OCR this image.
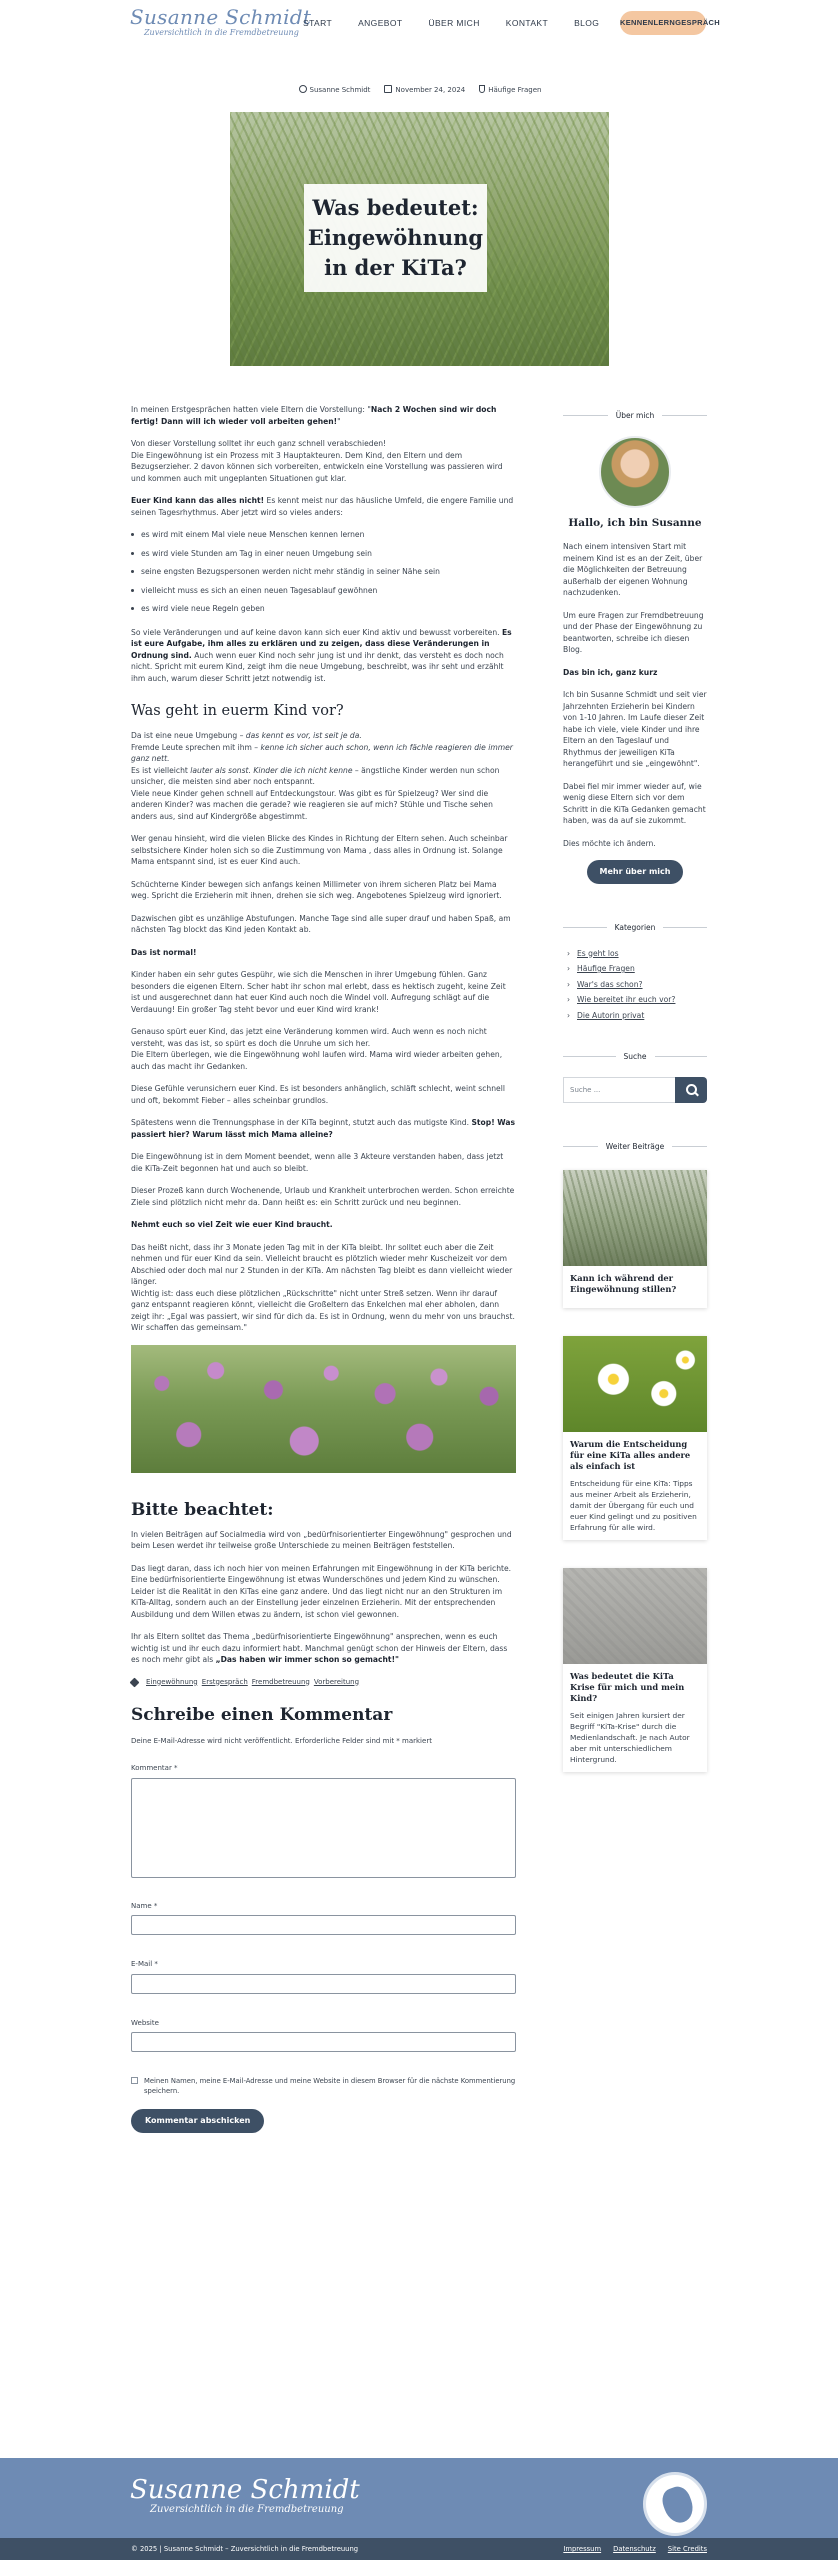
Susanne Schmidt
Zuversichtlich in die Fremdbetreuung
START	ANGEBOT	ÜBER MICH	KONTAKT	BLOG	KENNENLERNGESPRÄCH
Susanne Schmidt	November 24, 2024	Häufige Fragen
Was bedeutet: Eingewöhnung in der KiTa?

In meinen Erstgesprächen hatten viele Eltern die Vorstellung: "Nach 2 Wochen sind wir doch fertig! Dann will ich wieder voll arbeiten gehen!"

Von dieser Vorstellung solltet ihr euch ganz schnell verabschieden!
Die Eingewöhnung ist ein Prozess mit 3 Hauptakteuren. Dem Kind, den Eltern und dem Bezugserzieher. 2 davon können sich vorbereiten, entwickeln eine Vorstellung was passieren wird und kommen auch mit ungeplanten Situationen gut klar.

Euer Kind kann das alles nicht! Es kennt meist nur das häusliche Umfeld, die engere Familie und seinen Tagesrhythmus. Aber jetzt wird so vieles anders:

es wird mit einem Mal viele neue Menschen kennen lernen
es wird viele Stunden am Tag in einer neuen Umgebung sein
seine engsten Bezugspersonen werden nicht mehr ständig in seiner Nähe sein
vielleicht muss es sich an einen neuen Tagesablauf gewöhnen
es wird viele neue Regeln geben

So viele Veränderungen und auf keine davon kann sich euer Kind aktiv und bewusst vorbereiten. Es ist eure Aufgabe, ihm alles zu erklären und zu zeigen, dass diese Veränderungen in Ordnung sind. Auch wenn euer Kind noch sehr jung ist und ihr denkt, das versteht es doch noch nicht. Spricht mit eurem Kind, zeigt ihm die neue Umgebung, beschreibt, was ihr seht und erzählt ihm auch, warum dieser Schritt jetzt notwendig ist.

Was geht in euerm Kind vor?

Da ist eine neue Umgebung – das kennt es vor, ist seit je da.
Fremde Leute sprechen mit ihm – kenne ich sicher auch schon, wenn ich fächle reagieren die immer ganz nett.
Es ist vielleicht lauter als sonst. Kinder die ich nicht kenne – ängstliche Kinder werden nun schon unsicher, die meisten sind aber noch entspannt.
Viele neue Kinder gehen schnell auf Entdeckungstour. Was gibt es für Spielzeug? Wer sind die anderen Kinder? was machen die gerade? wie reagieren sie auf mich? Stühle und Tische sehen anders aus, sind auf Kindergröße abgestimmt.

Wer genau hinsieht, wird die vielen Blicke des Kindes in Richtung der Eltern sehen. Auch scheinbar selbstsichere Kinder holen sich so die Zustimmung von Mama , dass alles in Ordnung ist. Solange Mama entspannt sind, ist es euer Kind auch.

Schüchterne Kinder bewegen sich anfangs keinen Millimeter von ihrem sicheren Platz bei Mama weg. Spricht die Erzieherin mit ihnen, drehen sie sich weg. Angebotenes Spielzeug wird ignoriert.

Dazwischen gibt es unzählige Abstufungen. Manche Tage sind alle super drauf und haben Spaß, am nächsten Tag blockt das Kind jeden Kontakt ab.

Das ist normal!

Kinder haben ein sehr gutes Gespühr, wie sich die Menschen in ihrer Umgebung fühlen. Ganz besonders die eigenen Eltern. Scher habt ihr schon mal erlebt, dass es hektisch zugeht, keine Zeit ist und ausgerechnet dann hat euer Kind auch noch die Windel voll. Aufregung schlägt auf die Verdauung! Ein großer Tag steht bevor und euer Kind wird krank!

Genauso spürt euer Kind, das jetzt eine Veränderung kommen wird. Auch wenn es noch nicht versteht, was das ist, so spürt es doch die Unruhe um sich her.
Die Eltern überlegen, wie die Eingewöhnung wohl laufen wird. Mama wird wieder arbeiten gehen, auch das macht ihr Gedanken.

Diese Gefühle verunsichern euer Kind. Es ist besonders anhänglich, schläft schlecht, weint schnell und oft, bekommt Fieber – alles scheinbar grundlos.

Spätestens wenn die Trennungsphase in der KiTa beginnt, stutzt auch das mutigste Kind. Stop! Was passiert hier? Warum lässt mich Mama alleine?

Die Eingewöhnung ist in dem Moment beendet, wenn alle 3 Akteure verstanden haben, dass jetzt die KiTa-Zeit begonnen hat und auch so bleibt.

Dieser Prozeß kann durch Wochenende, Urlaub und Krankheit unterbrochen werden. Schon erreichte Ziele sind plötzlich nicht mehr da. Dann heißt es: ein Schritt zurück und neu beginnen.

Nehmt euch so viel Zeit wie euer Kind braucht.

Das heißt nicht, dass ihr 3 Monate jeden Tag mit in der KiTa bleibt. Ihr solltet euch aber die Zeit nehmen und für euer Kind da sein. Vielleicht braucht es plötzlich wieder mehr Kuscheizeit vor dem Abschied oder doch mal nur 2 Stunden in der KiTa. Am nächsten Tag bleibt es dann vielleicht wieder länger.
Wichtig ist: dass euch diese plötzlichen „Rückschritte" nicht unter Streß setzen. Wenn ihr darauf ganz entspannt reagieren könnt, vielleicht die Großeltern das Enkelchen mal eher abholen, dann zeigt ihr: „Egal was passiert, wir sind für dich da. Es ist in Ordnung, wenn du mehr von uns brauchst. Wir schaffen das gemeinsam."

Bitte beachtet:

In vielen Beiträgen auf Socialmedia wird von „bedürfnisorientierter Eingewöhnung" gesprochen und beim Lesen werdet ihr teilweise große Unterschiede zu meinen Beiträgen feststellen.

Das liegt daran, dass ich noch hier von meinen Erfahrungen mit Eingewöhnung in der KiTa berichte. Eine bedürfnisorientierte Eingewöhnung ist etwas Wunderschönes und jedem Kind zu wünschen. Leider ist die Realität in den KiTas eine ganz andere. Und das liegt nicht nur an den Strukturen im KiTa-Alltag, sondern auch an der Einstellung jeder einzelnen Erzieherin. Mit der entsprechenden Ausbildung und dem Willen etwas zu ändern, ist schon viel gewonnen.

Ihr als Eltern solltet das Thema „bedürfnisorientierte Eingewöhnung" ansprechen, wenn es euch wichtig ist und ihr euch dazu informiert habt. Manchmal genügt schon der Hinweis der Eltern, dass es noch mehr gibt als „Das haben wir immer schon so gemacht!"

Eingewöhnung Erstgespräch Fremdbetreuung Vorbereitung
Schreibe einen Kommentar

Deine E-Mail-Adresse wird nicht veröffentlicht. Erforderliche Felder sind mit * markiert

Kommentar *
Name *
E-Mail *
Website
Meinen Namen, meine E-Mail-Adresse und meine Website in diesem Browser für die nächste Kommentierung speichern.
Kommentar abschicken
Über mich
Hallo, ich bin Susanne

Nach einem intensiven Start mit meinem Kind ist es an der Zeit, über die Möglichkeiten der Betreuung außerhalb der eigenen Wohnung nachzudenken.

Um eure Fragen zur Fremdbetreuung und der Phase der Eingewöhnung zu beantworten, schreibe ich diesen Blog.

Das bin ich, ganz kurz

Ich bin Susanne Schmidt und seit vier Jahrzehnten Erzieherin bei Kindern von 1-10 Jahren. Im Laufe dieser Zeit habe ich viele, viele Kinder und ihre Eltern an den Tageslauf und Rhythmus der jeweiligen KiTa herangeführt und sie „eingewöhnt".

Dabei fiel mir immer wieder auf, wie wenig diese Eltern sich vor dem Schritt in die KiTa Gedanken gemacht haben, was da auf sie zukommt.

Dies möchte ich ändern.

Mehr über mich
Kategorien
› Es geht los
› Häufige Fragen
› War's das schon?
› Wie bereitet ihr euch vor?
› Die Autorin privat
Suche
Suche ...
Weiter Beiträge
Kann ich während der Eingewöhnung stillen?
Warum die Entscheidung für eine KiTa alles andere als einfach ist
Entscheidung für eine KiTa: Tipps aus meiner Arbeit als Erzieherin, damit der Übergang für euch und euer Kind gelingt und zu positiven Erfahrung für alle wird.
Was bedeutet die KiTa Krise für mich und mein Kind?
Seit einigen Jahren kursiert der Begriff "KiTa-Krise" durch die Medienlandschaft. Je nach Autor aber mit unterschiedlichem Hintergrund.
Susanne Schmidt
Zuversichtlich in die Fremdbetreuung
© 2025 | Susanne Schmidt – Zuversichtlich in die Fremdbetreuung	Impressum Datenschutz Site Credits
